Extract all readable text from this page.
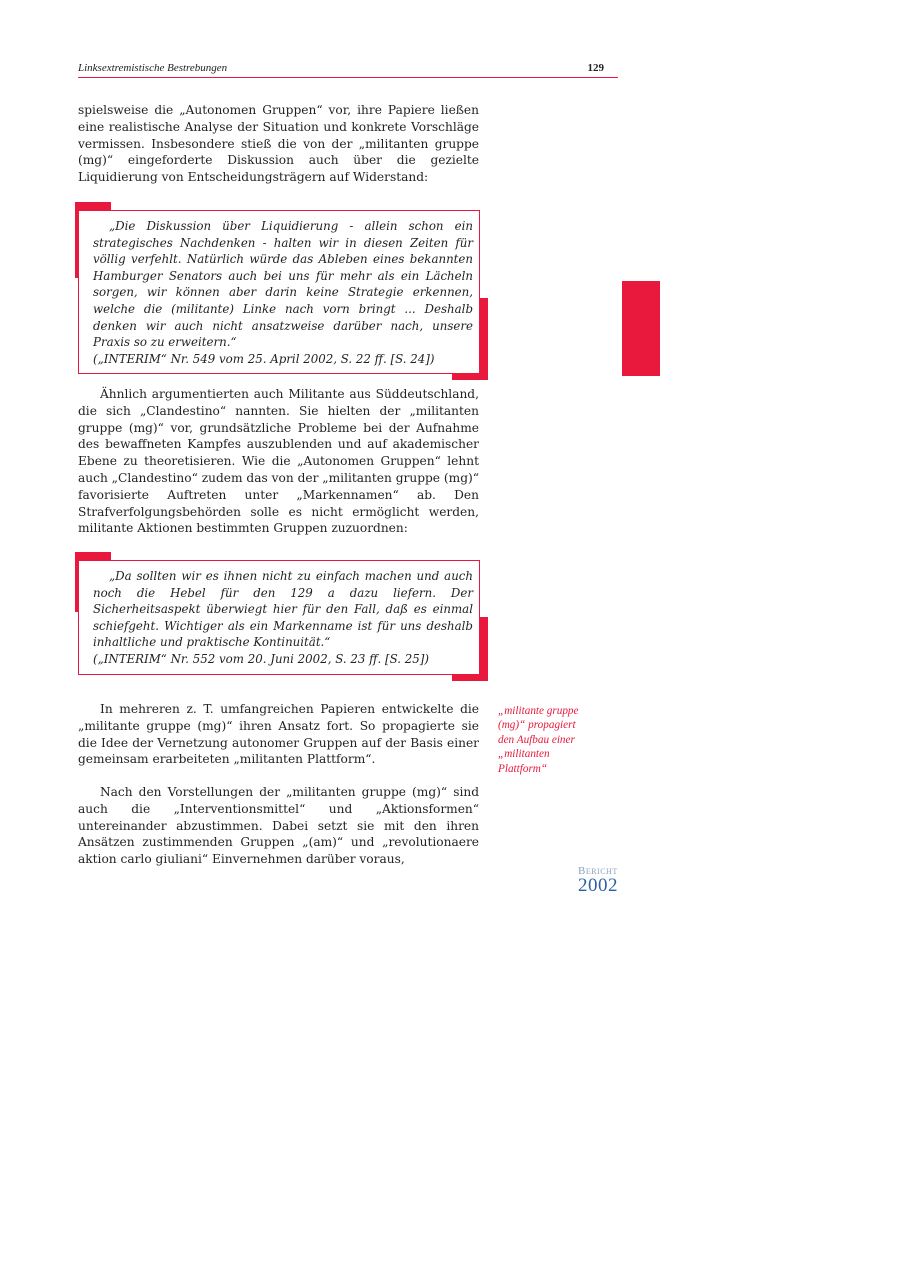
Linksextremistische Bestrebungen	129

spielsweise die „Autonomen Gruppen“ vor, ihre Papiere ließen eine realistische Analyse der Situation und konkrete Vorschläge vermissen. Insbesondere stieß die von der „militanten gruppe (mg)“ eingeforderte Diskussion auch über die gezielte Liquidierung von Entscheidungsträgern auf Widerstand:

„Die Diskussion über Liquidierung - allein schon ein strategisches Nachdenken - halten wir in diesen Zeiten für völlig verfehlt. Natürlich würde das Ableben eines bekannten Hamburger Senators auch bei uns für mehr als ein Lächeln sorgen, wir können aber darin keine Strategie erkennen, welche die (militante) Linke nach vorn bringt ... Deshalb denken wir auch nicht ansatzweise darüber nach, unsere Praxis so zu erweitern.“
(„INTERIM“ Nr. 549 vom 25. April 2002, S. 22 ff. [S. 24])

Ähnlich argumentierten auch Militante aus Süddeutschland, die sich „Clandestino“ nannten. Sie hielten der „militanten gruppe (mg)“ vor, grundsätzliche Probleme bei der Aufnahme des bewaffneten Kampfes auszublenden und auf akademischer Ebene zu theoretisieren. Wie die „Autonomen Gruppen“ lehnt auch „Clandestino“ zudem das von der „militanten gruppe (mg)“ favorisierte Auftreten unter „Markennamen“ ab. Den Strafverfolgungsbehörden solle es nicht ermöglicht werden, militante Aktionen bestimmten Gruppen zuzuordnen:

„Da sollten wir es ihnen nicht zu einfach machen und auch noch die Hebel für den 129 a dazu liefern. Der Sicherheitsaspekt überwiegt hier für den Fall, daß es einmal schiefgeht. Wichtiger als ein Markenname ist für uns deshalb inhaltliche und praktische Kontinuität.“
(„INTERIM“ Nr. 552 vom 20. Juni 2002, S. 23 ff. [S. 25])

In mehreren z. T. umfangreichen Papieren entwickelte die „militante gruppe (mg)“ ihren Ansatz fort. So propagierte sie die Idee der Vernetzung autonomer Gruppen auf der Basis einer gemeinsam erarbeiteten „militanten Plattform“.

Nach den Vorstellungen der „militanten gruppe (mg)“ sind auch die „Interventionsmittel“ und „Aktionsformen“ untereinander abzustimmen. Dabei setzt sie mit den ihren Ansätzen zustimmenden Gruppen „(am)“ und „revolutionaere aktion carlo giuliani“ Einvernehmen darüber voraus,

„militante gruppe
(mg)“ propagiert
den Aufbau einer
„militanten
Plattform“
Bericht
2002
